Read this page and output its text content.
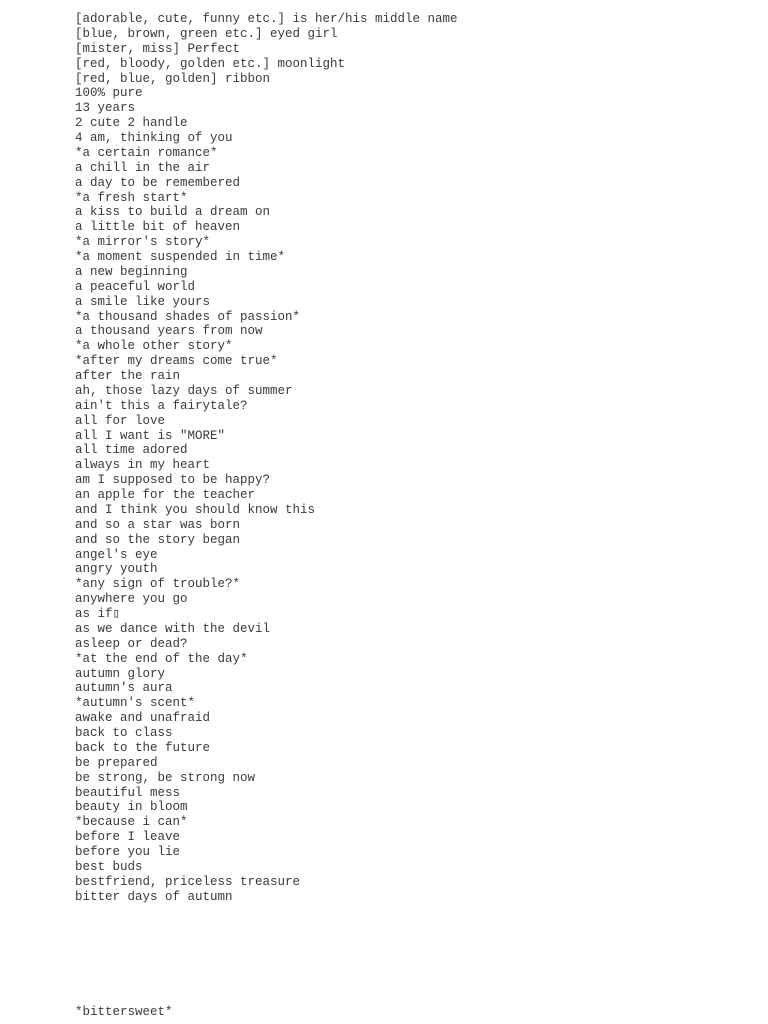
[adorable, cute, funny etc.] is her/his middle name
[blue, brown, green etc.] eyed girl
[mister, miss] Perfect
[red, bloody, golden etc.] moonlight
[red, blue, golden] ribbon
100% pure
13 years
2 cute 2 handle
4 am, thinking of you
*a certain romance*
a chill in the air
a day to be remembered
*a fresh start*
a kiss to build a dream on
a little bit of heaven
*a mirror's story*
*a moment suspended in time*
a new beginning
a peaceful world
a smile like yours
*a thousand shades of passion*
a thousand years from now
*a whole other story*
*after my dreams come true*
after the rain
ah, those lazy days of summer
ain't this a fairytale?
all for love
all I want is "MORE"
all time adored
always in my heart
am I supposed to be happy?
an apple for the teacher
and I think you should know this
and so a star was born
and so the story began
angel's eye
angry youth
*any sign of trouble?*
anywhere you go
as if▯
as we dance with the devil
asleep or dead?
*at the end of the day*
autumn glory
autumn's aura
*autumn's scent*
awake and unafraid
back to class
back to the future
be prepared
be strong, be strong now
beautiful mess
beauty in bloom
*because i can*
before I leave
before you lie
best buds
bestfriend, priceless treasure
bitter days of autumn
*bittersweet*
